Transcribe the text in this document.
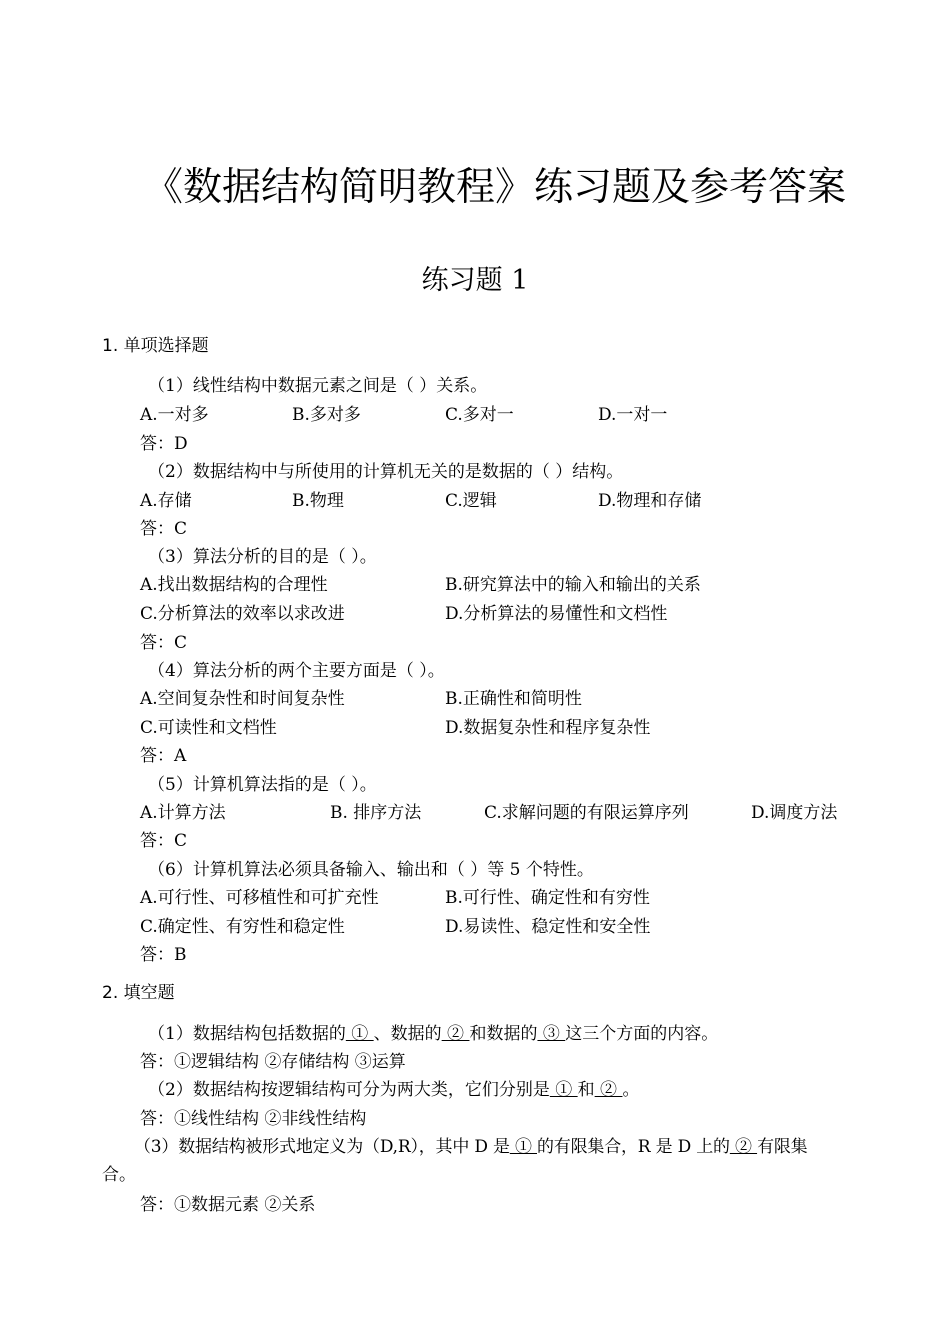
《数据结构简明教程》练习题及参考答案
练习题 1
1. 单项选择题
（1）线性结构中数据元素之间是（ ）关系。
A.一对多	B.多对多	C.多对一	D.一对一
答：D
（2）数据结构中与所使用的计算机无关的是数据的（ ）结构。
A.存储	B.物理	C.逻辑	D.物理和存储
答：C
（3）算法分析的目的是（ ）。
A.找出数据结构的合理性	B.研究算法中的输入和输出的关系
C.分析算法的效率以求改进	D.分析算法的易懂性和文档性
答：C
（4）算法分析的两个主要方面是（ ）。
A.空间复杂性和时间复杂性	B.正确性和简明性
C.可读性和文档性	D.数据复杂性和程序复杂性
答：A
（5）计算机算法指的是（ ）。
A.计算方法	B. 排序方法	C.求解问题的有限运算序列	D.调度方法
答：C
（6）计算机算法必须具备输入、输出和（ ）等 5 个特性。
A.可行性、可移植性和可扩充性	B.可行性、确定性和有穷性
C.确定性、有穷性和稳定性	D.易读性、稳定性和安全性
答：B
2. 填空题
（1）数据结构包括数据的 ① 、数据的 ② 和数据的 ③ 这三个方面的内容。
答：①逻辑结构 ②存储结构 ③运算
（2）数据结构按逻辑结构可分为两大类，它们分别是 ① 和 ② 。
答：①线性结构 ②非线性结构
（3）数据结构被形式地定义为（D,R），其中 D 是 ① 的有限集合，R 是 D 上的 ② 有限集
合。
答：①数据元素 ②关系
